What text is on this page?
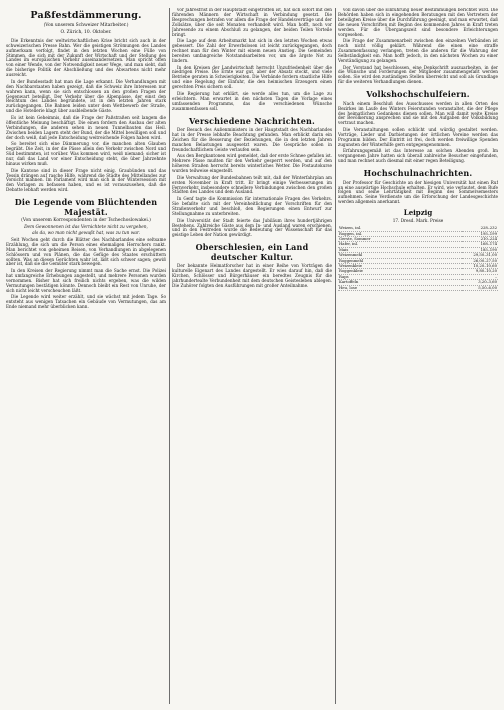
Paßfestdämmerung.
(Von unserem Schweizer Mitarbeiter.)
O. Zürich, 10. Oktober.

Die Erkenntnis der weltwirtschaftlichen Krise bricht sich auch in der schweizerischen Presse Bahn. Wer die geistigen Strömungen des Landes aufmerksam verfolgt, findet in den letzten Wochen eine Fülle von Stimmen, die sich mit der Zukunft der Wirtschaft und der Stellung des Landes im europäischen Verkehr auseinandersetzen. Man spricht offen von einer Wende, von der Notwendigkeit neuer Wege, und man sieht, daß die bisherige Politik der Abschließung und des Abwartens nicht mehr ausreicht.

In der Bundesstadt hat man die Lage erkannt. Die Verhandlungen mit den Nachbarstaaten haben gezeigt, daß die Schweiz ihre Interessen nur wahren kann, wenn sie sich entschlossen an den großen Fragen der Gegenwart beteiligt. Der Verkehr über die Alpenpässe, der einst den Reichtum des Landes begründete, ist in den letzten Jahren stark zurückgegangen. Die Bahnen leiden unter dem Wettbewerb der Straße, und die Hotellerie klagt über ausbleibende Gäste.

Es ist kein Geheimnis, daß die Frage der Paßstraßen seit langem die öffentliche Meinung beschäftigt. Die einen fordern den Ausbau der alten Verbindungen, die anderen sehen in neuen Tunnelbauten das Heil. Zwischen beiden Lagern steht der Bund, der die Mittel bewilligen soll und der doch weiß, daß jede Entscheidung weitreichende Folgen haben wird.

So bereitet sich eine Dämmerung vor, die manchen alten Glauben begräbt. Die Zeit, in der die Pässe allein den Verkehr zwischen Nord und Süd bestimmten, ist vorüber. Was kommen wird, weiß niemand; sicher ist nur, daß das Land vor einer Entscheidung steht, die über Jahrzehnte hinaus wirken muß.

Die Kantone sind in dieser Frage nicht einig. Graubünden und das Tessin drängen auf rasche Hilfe, während die Städte des Mittellandes zur Vorsicht mahnen. Im Parlament wird man sich in der Wintersession mit den Vorlagen zu befassen haben, und es ist vorauszusehen, daß die Debatte lebhaft werden wird.

Die Legende vom Blüchtenden Majestät.
(Von unserem Korrespondenten in der Tschechoslowakei.)
Dem Gewonnenen ist das Vernichtete nicht zu vergeben,
als da, wo man nicht gewußt hat, was zu tun war.

Seit Wochen geht durch die Blätter des Nachbarlandes eine seltsame Erzählung, die sich um die Person eines ehemaligen Herrschers rankt. Man berichtet von geheimen Reisen, von Verhandlungen in abgelegenen Schlössern und von Plänen, die das Gefüge des Staates erschüttern sollten. Was an diesen Gerüchten wahr ist, läßt sich schwer sagen; gewiß aber ist, daß sie die Gemüter stark bewegen.

In den Kreisen der Regierung nimmt man die Sache ernst. Die Polizei hat umfangreiche Erhebungen angestellt, und mehrere Personen wurden vernommen. Bisher hat sich freilich nichts ergeben, was die wilden Vermutungen bestätigen könnte. Dennoch bleibt ein Rest von Unruhe, der sich nicht leicht verscheuchen läßt.

Die Legende wird weiter erzählt, und sie wächst mit jedem Tage. So entsteht aus wenigen Tatsachen ein Gebäude von Vermutungen, das am Ende niemand mehr überblicken kann.

vor Jahresfrist in der Hauptstadt eingetroffen ist, hat sich sofort mit den führenden Männern der Wirtschaft in Verbindung gesetzt. Die Besprechungen betrafen vor allem die Frage der Handelsverträge und der Zollsätze, über die seit Monaten verhandelt wird. Man hofft, noch vor Jahresende zu einem Abschluß zu gelangen, der beiden Teilen Vorteile bringt.

Die Lage auf dem Arbeitsmarkt hat sich in den letzten Wochen etwas gebessert. Die Zahl der Erwerbslosen ist leicht zurückgegangen, doch rechnet man für den Winter mit einem neuen Anstieg. Die Gemeinden bereiten umfangreiche Notstandsarbeiten vor, um die ärgste Not zu lindern.

In den Kreisen der Landwirtschaft herrscht Unzufriedenheit über die niedrigen Preise. Die Ernte war gut, aber der Absatz stockt, und viele Betriebe geraten in Schwierigkeiten. Die Verbände fordern staatliche Hilfe und eine Regelung der Einfuhr, die den heimischen Erzeugern einen gerechten Preis sichern soll.

Die Regierung hat erklärt, sie werde alles tun, um die Lage zu erleichtern. Man erwartet in den nächsten Tagen die Vorlage eines umfassenden Programms, das die verschiedenen Wünsche zusammenfassen soll.

Verschiedene Nachrichten.

Der Besuch des Außenministers in der Hauptstadt des Nachbarlandes hat in der Presse lebhafte Beachtung gefunden. Man erblickt darin ein Zeichen für die Besserung der Beziehungen, die in den letzten Jahren manchen Belastungen ausgesetzt waren. Die Gespräche sollen in freundschaftlichem Geiste verlaufen sein.

Aus den Bergkantonen wird gemeldet, daß der erste Schnee gefallen ist. Mehrere Pässe mußten für den Verkehr gesperrt werden, und auf den höheren Straßen herrscht bereits winterliches Wetter. Die Postautokurse wurden teilweise eingestellt.

Die Verwaltung der Bundesbahnen teilt mit, daß der Winterfahrplan am ersten November in Kraft tritt. Er bringt einige Verbesserungen im Fernverkehr, insbesondere schnellere Verbindungen zwischen den großen Städten des Landes und dem Ausland.

In Genf tagte die Kommission für internationale Fragen des Verkehrs. Sie befaßte sich mit der Vereinheitlichung der Vorschriften für den Straßenverkehr und beschloß, den Regierungen einen Entwurf zur Stellungnahme zu unterbreiten.

Die Universität der Stadt feierte das Jubiläum ihres hundertjährigen Bestehens. Zahlreiche Gäste aus dem In- und Ausland waren erschienen, und in den Festreden wurde die Bedeutung der Wissenschaft für das geistige Leben der Nation gewürdigt.

Oberschlesien, ein Land deutscher Kultur.

Der bekannte Heimatforscher hat in einer Reihe von Vorträgen die kulturelle Eigenart des Landes dargestellt. Er wies darauf hin, daß die Kirchen, Schlösser und Bürgerhäuser ein beredtes Zeugnis für die jahrhundertealte Verbundenheit mit dem deutschen Geistesleben ablegen. Die Zuhörer folgten den Ausführungen mit großer Anteilnahme.

voll davon über die Einführung neuer Bestimmungen berichtet wird. Die Behörden haben sich in eingehenden Beratungen mit den Vertretern der beteiligten Kreise über die Durchführung geeinigt, und man erwartet, daß die neuen Vorschriften mit Beginn des kommenden Jahres in Kraft treten werden. Für die Übergangszeit sind besondere Erleichterungen vorgesehen.

Die Frage der Zusammenarbeit zwischen den einzelnen Verbänden ist noch nicht völlig geklärt. Während die einen eine straffe Zusammenfassung verlangen, treten die anderen für die Wahrung der Selbständigkeit ein. Man hofft jedoch, in den nächsten Wochen zu einer Verständigung zu gelangen.

Der Vorstand hat beschlossen, eine Denkschrift auszuarbeiten, in der die Wünsche und Forderungen der Mitglieder zusammengefaßt werden sollen. Sie wird den zuständigen Stellen überreicht und soll als Grundlage für die weiteren Verhandlungen dienen.

Volkshochschulfeiern.

Nach einem Beschluß des Ausschusses werden in allen Orten des Bezirkes im Laufe des Winters Feierstunden veranstaltet, die der Pflege des heimatlichen Gedankens dienen sollen. Man will damit weite Kreise der Bevölkerung ansprechen und sie mit den Aufgaben der Volksbildung vertraut machen.

Die Veranstaltungen sollen schlicht und würdig gestaltet werden. Vorträge, Lieder und Darbietungen der örtlichen Vereine werden das Programm bilden. Der Eintritt ist frei, doch werden freiwillige Spenden zugunsten der Winterhilfe gern entgegengenommen.

Erfahrungsgemäß ist das Interesse an solchen Abenden groß. Im vergangenen Jahre hatten sich überall zahlreiche Besucher eingefunden, und man rechnet auch diesmal mit einer regen Beteiligung.

Hochschulnachrichten.

Der Professor für Geschichte an der hiesigen Universität hat einen Ruf an eine auswärtige Hochschule erhalten. Er wird, wie verlautet, dem Rufe folgen und seine Lehrtätigkeit mit Beginn des Sommersemesters aufnehmen. Seine Verdienste um die Erforschung der Landesgeschichte werden allgemein anerkannt.

Leipzig
17. Dresd. Mark. Preise
Weizen, inl.	228–232
Roggen, inl.	195–199
Gerste, Sommer	210–224
Hafer, inl.	168–174
Mais	185–190
Weizenmehl	29,50–31,00
Roggenmehl	26,00–27,50
Weizenkleie	10,20–10,60
Roggenkleie	9,80–10,20
Raps	–
Kartoffeln	3,20–3,60
Heu, lose	5,50–6,00
